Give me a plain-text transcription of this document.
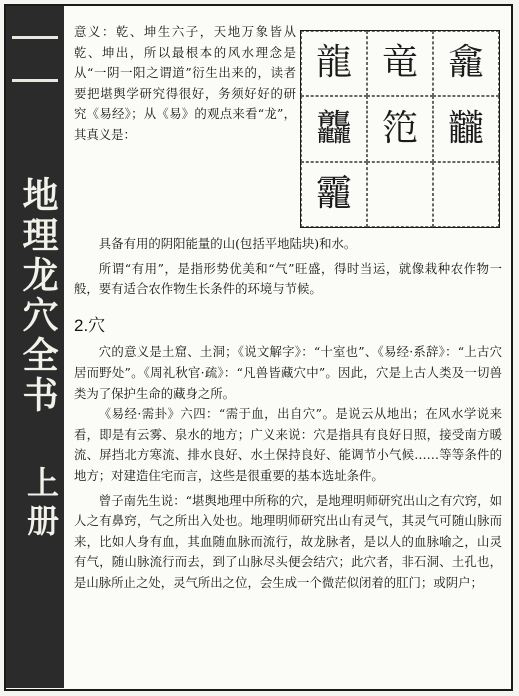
地理龙穴全书
上册

意义：乾、坤生六子，天地万象皆从乾、坤出，所以最根本的风水理念是从“一阴一阳之谓道”衍生出来的，读者要把堪舆学研究得很好，务须好好的研究《易经》；从《易》的观点来看“龙”，其真义是：

龍 竜 龕
龘 笵 龖
龗

具备有用的阴阳能量的山(包括平地陆块)和水。

所谓“有用”，是指形势优美和“气”旺盛，得时当运，就像栽种农作物一般，要有适合农作物生长条件的环境与节候。

2.穴

穴的意义是土窟、土洞；《说文解字》：“十室也”、《易经·系辞》：“上古穴居而野处”。《周礼秋官·疏》：“凡兽皆藏穴中”。因此，穴是上古人类及一切兽类为了保护生命的藏身之所。

《易经·需卦》六四：“需于血，出自穴”。是说云从地出；在风水学说来看，即是有云雾、泉水的地方；广义来说：穴是指具有良好日照，接受南方暖流、屏挡北方寒流、排水良好、水土保持良好、能调节小气候……等等条件的地方；对建造住宅而言，这些是很重要的基本选址条件。

曾子南先生说：“堪舆地理中所称的穴，是地理明师研究出山之有穴窍，如人之有鼻窍，气之所出入处也。地理明师研究出山有灵气，其灵气可随山脉而来，比如人身有血，其血随血脉而流行，故龙脉者，是以人的血脉喻之，山灵有气，随山脉流行而去，到了山脉尽头便会结穴；此穴者，非石洞、土孔也，是山脉所止之处，灵气所出之位，会生成一个微茫似闭着的肛门；或阴户；
